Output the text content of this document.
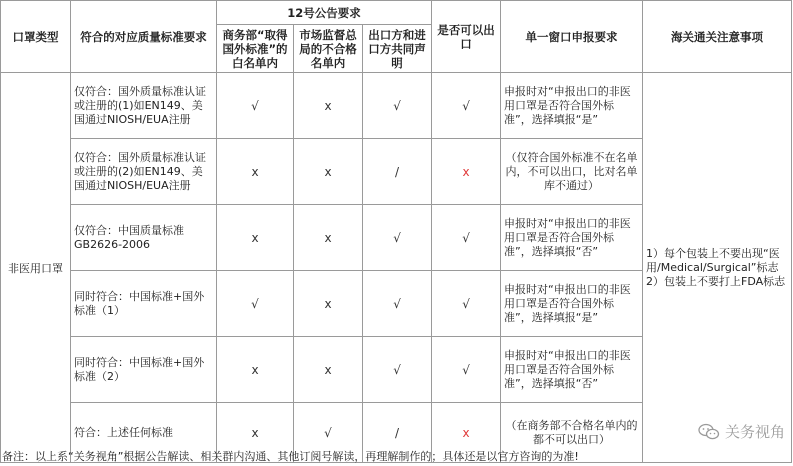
口罩类型	符合的对应质量标准要求	12号公告要求			是否可以出口	单一窗口申报要求	海关通关注意事项
		商务部“取得国外标准”的白名单内	市场监督总局的不合格名单内	出口方和进口方共同声明			
非医用口罩	仅符合：国外质量标准认证或注册的(1)如EN149、美国通过NIOSH/EUA注册	√	x	√	√	申报时对“申报出口的非医用口罩是否符合国外标准”，选择填报“是”	1）每个包装上不要出现“医用/Medical/Surgical”标志
2）包装上不要打上FDA标志

	仅符合：国外质量标准认证或注册的(2)如EN149、美国通过NIOSH/EUA注册	x	x	/	x	（仅符合国外标准不在名单内，不可以出口，比对名单库不通过）	
	仅符合：中国质量标准GB2626-2006	x	x	√	√	申报时对“申报出口的非医用口罩是否符合国外标准”，选择填报“否”	
	同时符合：中国标准+国外标准（1）	√	x	√	√	申报时对“申报出口的非医用口罩是否符合国外标准”，选择填报“是”	
	同时符合：中国标准+国外标准（2）	x	x	√	√	申报时对“申报出口的非医用口罩是否符合国外标准”，选择填报“否”	
	符合：上述任何标准	x	√	/	x	（在商务部不合格名单内的都不可以出口）		关务视角
备注：以上系“关务视角”根据公告解读、相关群内沟通、其他订阅号解读，再理解制作的；具体还是以官方咨询的为准!
